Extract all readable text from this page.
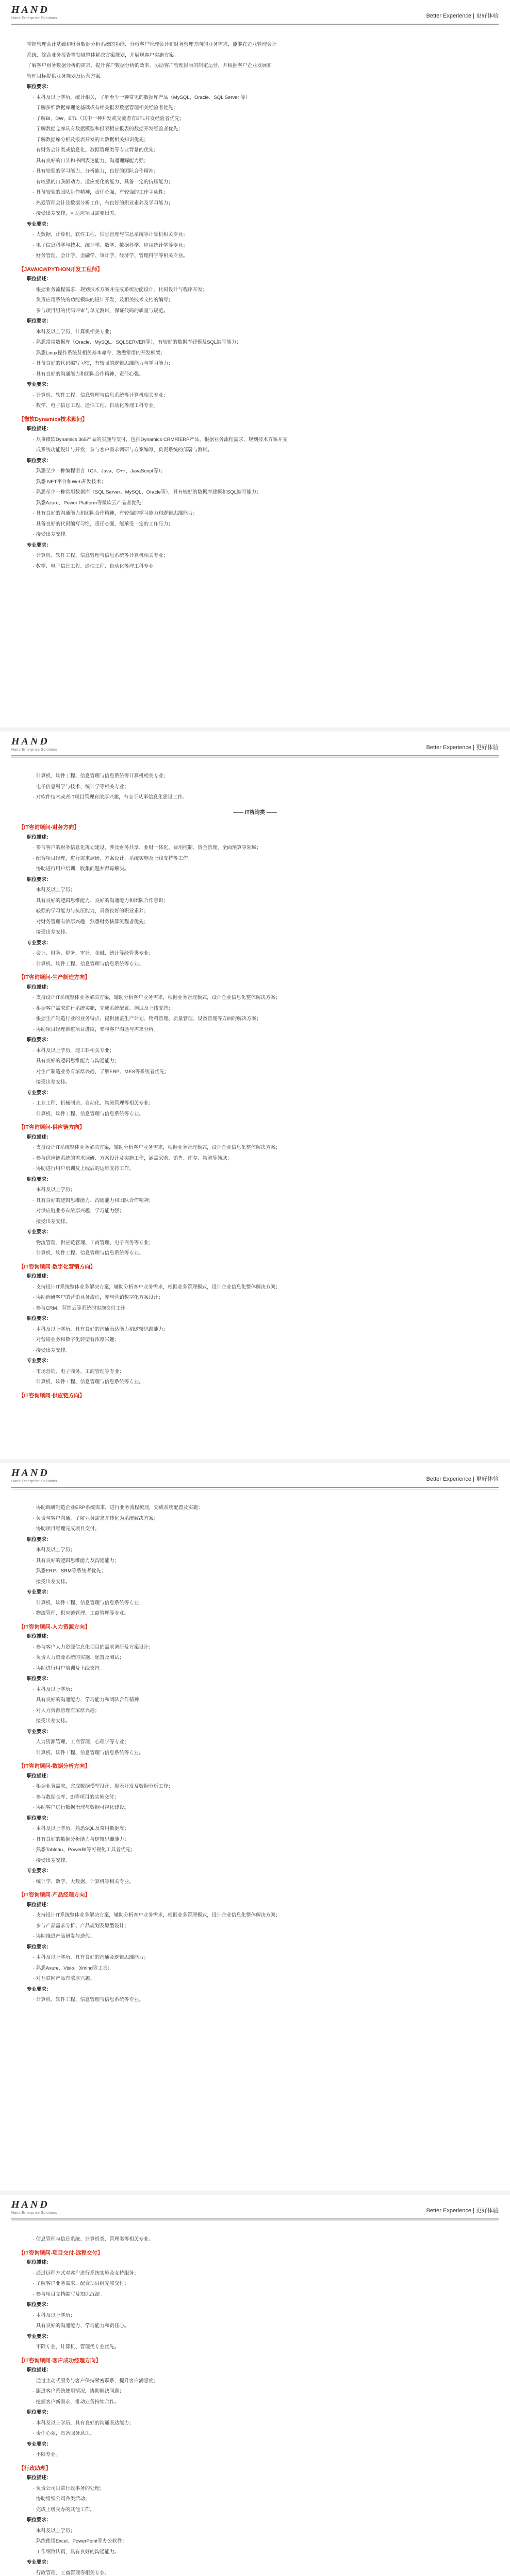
HAND
Hand Enterprise Solutions	Better Experience | 更好体验
掌握管理会计基础和财务数据分析系统的功能、分析客户管理会计和财务管理方向的业务需求，能够在企业管理会计
系统、综合业务报告等领域整体解决方案规划，并展现客户实施方案。
了解客户财务数据分析的需求，提升客户数据分析的效率，协助客户管理报表的制定运营，并根据客户企业发展和
管理目标提供业务规划及运营方案。
职位要求：
· 本科及以上学历，统计相关，了解至少一种常见的数据库产品（MySQL、Oracle、SQL Server 等）
· 了解多维数据库理论基础或有相关报表数据管理相关经验者优先；
· 了解BI、DW、ETL（其中一种开发或交流者有ETL开发经验者优先；
· 了解数据仓库具有数据模型和报表相应报表的数据开发经验者优先；
· 了解数据库分析及报表开发的大数据相关知识优先；
· 有财务会计类或信息化、数据管理类等专业背景的优先；
· 具有良好的口头和书面表达能力，沟通理解能力强；
· 具有较强的学习能力、分析能力，良好的团队合作精神；
· 有较强的自我驱动力、适应变化的能力、具备一定的抗压能力；
· 具备较强的团队协作精神，责任心强，有较强的工作主动性；
· 热爱管理会计及数据分析工作，有良好的职业素养及学习能力；
· 接受出差安排，可适应项目需要出差。
专业要求：
· 大数据、计算机、软件工程、信息管理与信息系统等计算机相关专业；
· 电子信息科学与技术、统计学、数学、数据科学、应用统计学等专业；
· 财务管理、会计学、金融学、审计学、经济学、管理科学等相关专业。
【JAVA/C#/PYTHON开发工程师】
职位描述：
· 根据业务流程需求，规划技术方案并完成系统功能设计、代码设计与程序开发；
· 负责应用系统的功能模块的设计开发，及相关技术文档的编写；
· 参与项目组的代码评审与单元测试，保证代码的质量与规范。
职位要求：
· 本科及以上学历，计算机相关专业；
· 熟悉常用数据库（Oracle、MySQL、SQLSERVER等），有较好的数据库建模及SQL编写能力；
· 熟悉Linux操作系统及相关基本命令，熟悉常用的开发框架；
· 具备良好的代码编写习惯，有较强的逻辑思维能力与学习能力；
· 具有良好的沟通能力和团队合作精神，责任心强。
专业要求：
· 计算机、软件工程、信息管理与信息系统等计算机相关专业；
· 数学、电子信息工程、通信工程、自动化等理工科专业。
【微软Dynamics技术顾问】
职位描述：
· 从事微软Dynamics 365产品的实施与交付，包括Dynamics CRM和ERP产品，根据业务流程需求，规划技术方案并完
· 成系统功能设计与开发，参与客户需求调研与方案编写，负责系统的部署与测试。
职位要求：
· 熟悉至少一种编程语言（C#、Java、C++、JavaScript等）；
· 熟悉.NET平台和Web开发技术；
· 熟悉至少一种常用数据库（SQL Server、MySQL、Oracle等），具有较好的数据库建模和SQL编写能力；
· 熟悉Azure、Power Platform等微软云产品者优先；
· 具有良好的沟通能力和团队合作精神，有较强的学习能力和逻辑思维能力；
· 具备良好的代码编写习惯，责任心强，能承受一定的工作压力；
· 接受出差安排。
专业要求：
· 计算机、软件工程、信息管理与信息系统等计算机相关专业；
· 数学、电子信息工程、通信工程、自动化等理工科专业。
HAND
Hand Enterprise Solutions	Better Experience | 更好体验
· 计算机、软件工程、信息管理与信息系统等计算机相关专业；
· 电子信息科学与技术、统计学等相关专业；
· 对软件技术或者IT项目管理有浓厚兴趣，有志于从事信息化建设工作。
—— IT咨询类 ——
【IT咨询顾问-财务方向】
职位描述：
· 参与客户的财务信息化规划建设，涉及财务共享、业财一体化、费用控制、资金管理、全面预算等领域；
· 配合项目经理，进行需求调研、方案设计、系统实施及上线支持等工作；
· 协助进行用户培训，收集问题并跟踪解决。
职位要求：
· 本科及以上学历；
· 具有良好的逻辑思维能力、良好的沟通能力和团队合作意识；
· 较强的学习能力与抗压能力，具备良好的职业素养；
· 对财务管理有浓厚兴趣，熟悉财务核算流程者优先；
· 接受出差安排。
专业要求：
· 会计、财务、税务、审计、金融、统计等经管类专业；
· 计算机、软件工程、信息管理与信息系统等专业。
【IT咨询顾问-生产制造方向】
职位描述：
· 支持设计IT系统整体业务解决方案，辅助分析客户业务需求，根据业务管理模式，设计企业信息化整体解决方案；
· 根据客户需求进行系统实施，完成系统配置、测试及上线支持；
· 根据生产制造行业的业务特点，提供涵盖生产计划、物料管理、质量管理、设备管理等方面的解决方案；
· 协助项目经理推进项目进度，参与客户沟通与需求分析。
职位要求：
· 本科及以上学历，理工科相关专业；
· 具有良好的逻辑思维能力与沟通能力；
· 对生产制造业务有浓厚兴趣，了解ERP、MES等系统者优先；
· 接受出差安排。
专业要求：
· 工业工程、机械制造、自动化、物流管理等相关专业；
· 计算机、软件工程、信息管理与信息系统等专业。
【IT咨询顾问-供应链方向】
职位描述：
· 支持设计IT系统整体业务解决方案，辅助分析客户业务需求，根据业务管理模式，设计企业信息化整体解决方案；
· 参与供应链系统的需求调研、方案设计及实施工作，涵盖采购、销售、库存、物流等领域；
· 协助进行用户培训及上线后的运维支持工作。
职位要求：
· 本科及以上学历；
· 具有良好的逻辑思维能力、沟通能力和团队合作精神；
· 对供应链业务有浓厚兴趣，学习能力强；
· 接受出差安排。
专业要求：
· 物流管理、供应链管理、工商管理、电子商务等专业；
· 计算机、软件工程、信息管理与信息系统等专业。
【IT咨询顾问-数字化营销方向】
职位描述：
· 支持设计IT系统整体业务解决方案，辅助分析客户业务需求，根据业务管理模式，设计企业信息化整体解决方案；
· 协助调研客户的营销业务流程，参与营销数字化方案设计；
· 参与CRM、营销云等系统的实施交付工作。
职位要求：
· 本科及以上学历，具有良好的沟通表达能力和逻辑思维能力；
· 对营销业务和数字化转型有浓厚兴趣；
· 接受出差安排。
专业要求：
· 市场营销、电子商务、工商管理等专业；
· 计算机、软件工程、信息管理与信息系统等专业。
【IT咨询顾问-供应链方向】
HAND
Hand Enterprise Solutions	Better Experience | 更好体验
· 协助调研制造企业ERP系统需求，进行业务流程梳理，完成系统配置及实施；
· 负责与客户沟通，了解业务需求并转化为系统解决方案；
· 协助项目经理完成项目交付。
职位要求：
· 本科及以上学历；
· 具有良好的逻辑思维能力及沟通能力；
· 熟悉ERP、SRM等系统者优先；
· 接受出差安排。
专业要求：
· 计算机、软件工程、信息管理与信息系统等专业；
· 物流管理、供应链管理、工商管理等专业。
【IT咨询顾问-人力资源方向】
职位描述：
· 参与客户人力资源信息化项目的需求调研及方案设计；
· 负责人力资源系统的实施、配置及测试；
· 协助进行用户培训及上线支持。
职位要求：
· 本科及以上学历；
· 具有良好的沟通能力、学习能力和团队合作精神；
· 对人力资源管理有浓厚兴趣；
· 接受出差安排。
专业要求：
· 人力资源管理、工商管理、心理学等专业；
· 计算机、软件工程、信息管理与信息系统等专业。
【IT咨询顾问-数据分析方向】
职位描述：
· 根据业务需求，完成数据模型设计、报表开发及数据分析工作；
· 参与数据仓库、BI等项目的实施交付；
· 协助客户进行数据治理与数据可视化建设。
职位要求：
· 本科及以上学历，熟悉SQL及常用数据库；
· 具有良好的数据分析能力与逻辑思维能力；
· 熟悉Tableau、PowerBI等可视化工具者优先；
· 接受出差安排。
专业要求：
· 统计学、数学、大数据、计算机等相关专业。
【IT咨询顾问-产品经理方向】
职位描述：
· 支持设计IT系统整体业务解决方案，辅助分析客户业务需求，根据业务管理模式，设计企业信息化整体解决方案；
· 参与产品需求分析、产品规划及原型设计；
· 协助推进产品研发与迭代。
职位要求：
· 本科及以上学历，具有良好的沟通及逻辑思维能力；
· 熟悉Axure、Visio、Xmind等工具；
· 对互联网产品有浓厚兴趣。
专业要求：
· 计算机、软件工程、信息管理与信息系统等专业。
HAND
Hand Enterprise Solutions	Better Experience | 更好体验
· 信息管理与信息系统、计算机类、管理类等相关专业。
【IT咨询顾问-项目交付-远程交付】
职位描述：
· 通过远程方式对客户进行系统实施及支持服务；
· 了解客户业务需求，配合项目组完成交付；
· 参与项目文档编写及知识沉淀。
职位要求：
· 本科及以上学历；
· 具有良好的沟通能力、学习能力和责任心。
专业要求：
· 不限专业，计算机、管理类专业优先。
【IT咨询顾问-客户成功经理方向】
职位描述：
· 通过主动式服务与客户保持紧密联系，提升客户满意度；
· 跟进客户系统使用情况，协助解决问题；
· 挖掘客户新需求，推动业务持续合作。
职位要求：
· 本科及以上学历，具有良好的沟通表达能力；
· 责任心强，具备服务意识。
专业要求：
· 不限专业。
【行政助理】
职位描述：
· 负责公司日常行政事务的处理；
· 协助组织公司各类活动；
· 完成上级交办的其他工作。
职位要求：
· 本科及以上学历；
· 熟练使用Excel、PowerPoint等办公软件；
· 工作细致认真，具有良好的沟通能力。
专业要求：
· 行政管理、工商管理等相关专业。
